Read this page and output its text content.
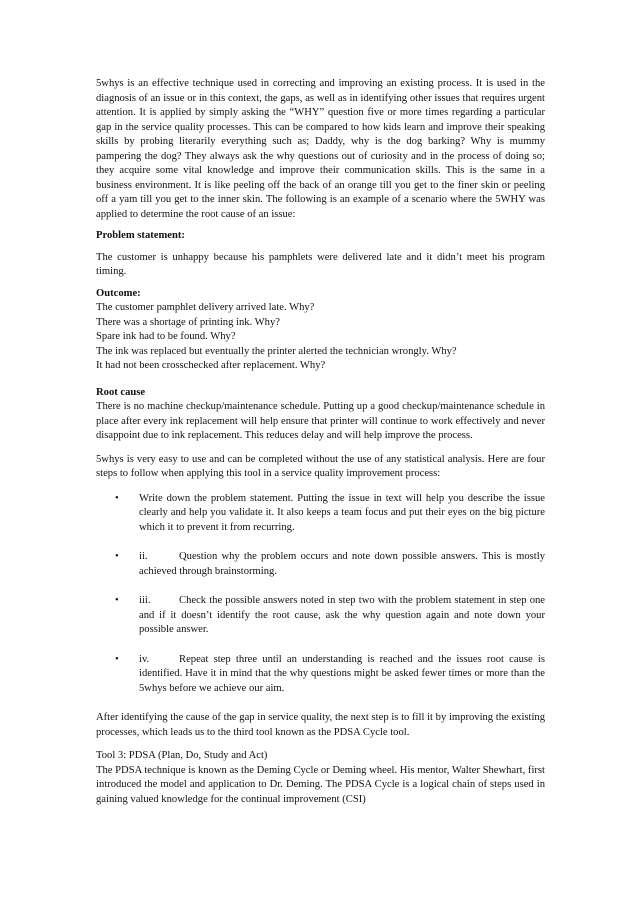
5whys is an effective technique used in correcting and improving an existing process. It is used in the diagnosis of an issue or in this context, the gaps, as well as in identifying other issues that requires urgent attention. It is applied by simply asking the “WHY” question five or more times regarding a particular gap in the service quality processes. This can be compared to how kids learn and improve their speaking skills by probing literarily everything such as; Daddy, why is the dog barking? Why is mummy pampering the dog? They always ask the why questions out of curiosity and in the process of doing so; they acquire some vital knowledge and improve their communication skills. This is the same in a business environment. It is like peeling off the back of an orange till you get to the finer skin or peeling off a yam till you get to the inner skin. The following is an example of a scenario where the 5WHY was applied to determine the root cause of an issue:

Problem statement:

The customer is unhappy because his pamphlets were delivered late and it didn’t meet his program timing.

Outcome:

The customer pamphlet delivery arrived late. Why?
There was a shortage of printing ink. Why?
Spare ink had to be found. Why?
The ink was replaced but eventually the printer alerted the technician wrongly. Why?
It had not been crosschecked after replacement. Why?

Root cause

There is no machine checkup/maintenance schedule. Putting up a good checkup/maintenance schedule in place after every ink replacement will help ensure that printer will continue to work effectively and never disappoint due to ink replacement. This reduces delay and will help improve the process.

5whys is very easy to use and can be completed without the use of any statistical analysis. Here are four steps to follow when applying this tool in a service quality improvement process:

• Write down the problem statement. Putting the issue in text will help you describe the issue clearly and help you validate it. It also keeps a team focus and put their eyes on the big picture which it to prevent it from recurring.
• ii.	Question why the problem occurs and note down possible answers. This is mostly achieved through brainstorming.
• iii.	Check the possible answers noted in step two with the problem statement in step one and if it doesn’t identify the root cause, ask the why question again and note down your possible answer.
• iv.	Repeat step three until an understanding is reached and the issues root cause is identified. Have it in mind that the why questions might be asked fewer times or more than the 5whys before we achieve our aim.

After identifying the cause of the gap in service quality, the next step is to fill it by improving the existing processes, which leads us to the third tool known as the PDSA Cycle tool.

Tool 3: PDSA (Plan, Do, Study and Act)

The PDSA technique is known as the Deming Cycle or Deming wheel. His mentor, Walter Shewhart, first introduced the model and application to Dr. Deming. The PDSA Cycle is a logical chain of steps used in gaining valued knowledge for the continual improvement (CSI)
